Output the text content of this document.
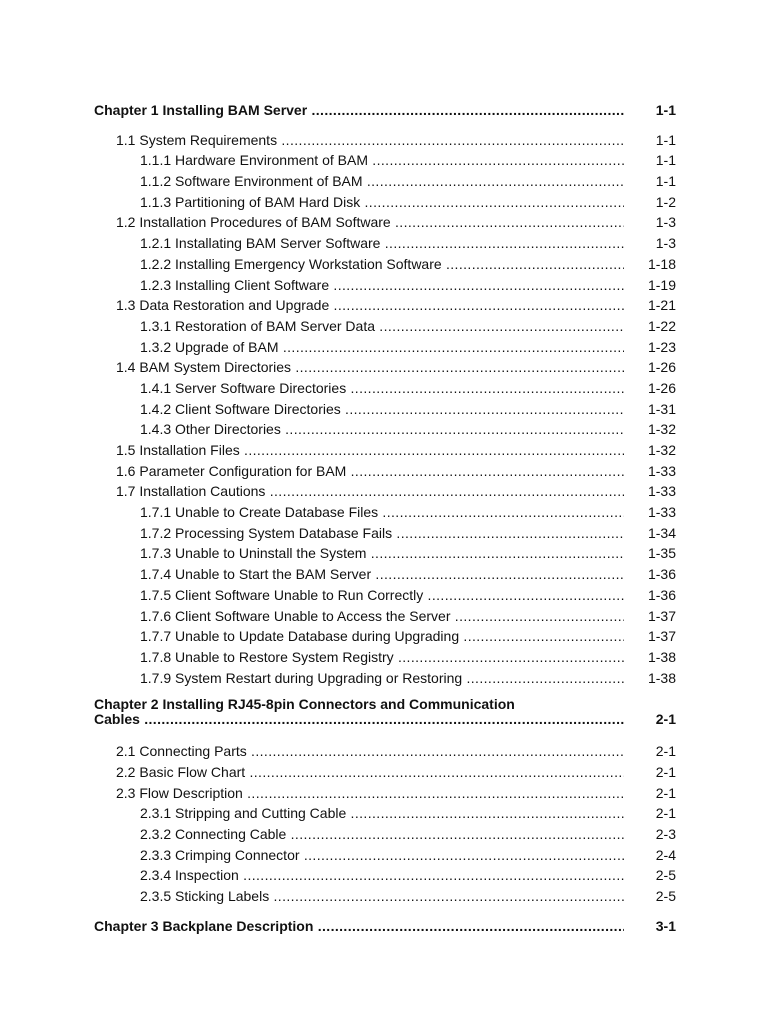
Chapter 1 Installing BAM Server .....	1-1
1.1 System Requirements .....	1-1
1.1.1 Hardware Environment of BAM .....	1-1
1.1.2 Software Environment of BAM .....	1-1
1.1.3 Partitioning of BAM Hard Disk .....	1-2
1.2 Installation Procedures of BAM Software .....	1-3
1.2.1 Installating BAM Server Software .....	1-3
1.2.2 Installing Emergency Workstation Software .....	1-18
1.2.3 Installing Client Software .....	1-19
1.3 Data Restoration and Upgrade .....	1-21
1.3.1 Restoration of BAM Server Data .....	1-22
1.3.2 Upgrade of BAM .....	1-23
1.4 BAM System Directories .....	1-26
1.4.1 Server Software Directories .....	1-26
1.4.2 Client Software Directories .....	1-31
1.4.3 Other Directories .....	1-32
1.5 Installation Files .....	1-32
1.6 Parameter Configuration for BAM .....	1-33
1.7 Installation Cautions .....	1-33
1.7.1 Unable to Create Database Files .....	1-33
1.7.2 Processing System Database Fails .....	1-34
1.7.3 Unable to Uninstall the System .....	1-35
1.7.4 Unable to Start the BAM Server .....	1-36
1.7.5 Client Software Unable to Run Correctly .....	1-36
1.7.6 Client Software Unable to Access the Server .....	1-37
1.7.7 Unable to Update Database during Upgrading .....	1-37
1.7.8 Unable to Restore System Registry .....	1-38
1.7.9 System Restart during Upgrading or Restoring .....	1-38
Chapter 2 Installing RJ45-8pin Connectors and Communication
Cables .....	2-1
2.1 Connecting Parts .....	2-1
2.2 Basic Flow Chart .....	2-1
2.3 Flow Description .....	2-1
2.3.1 Stripping and Cutting Cable .....	2-1
2.3.2 Connecting Cable .....	2-3
2.3.3 Crimping Connector .....	2-4
2.3.4 Inspection .....	2-5
2.3.5 Sticking Labels .....	2-5
Chapter 3 Backplane Description .....	3-1
